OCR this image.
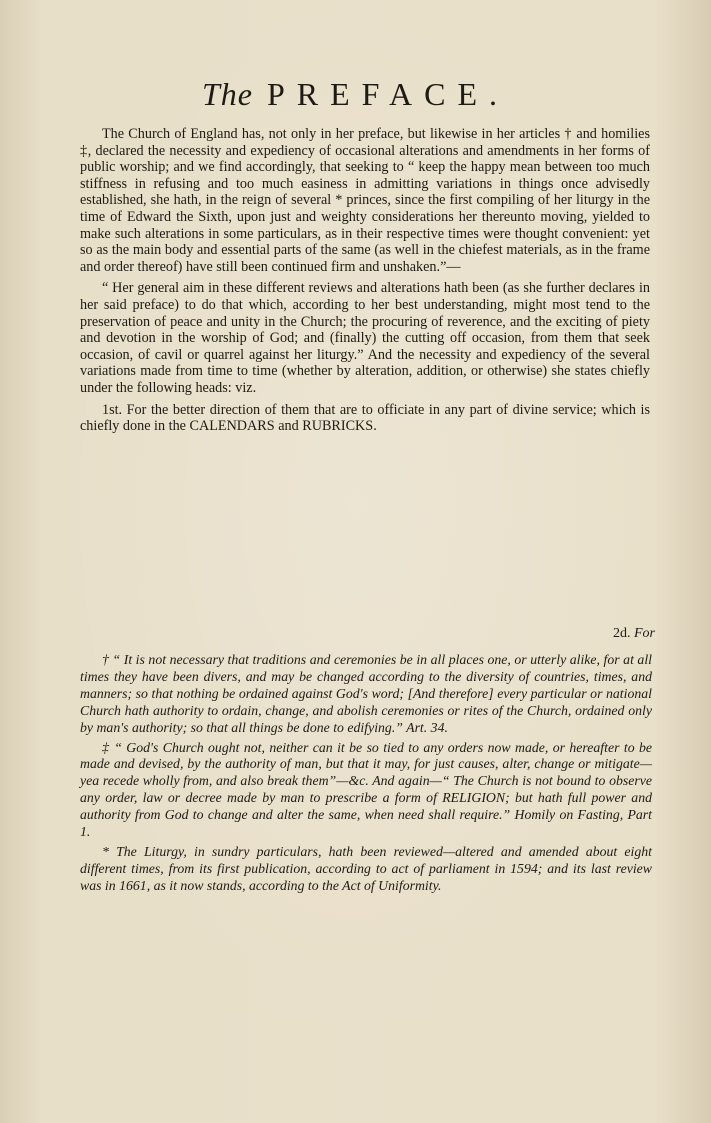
The PREFACE.

The Church of England has, not only in her preface, but likewise in her articles † and homilies ‡, declared the necessity and expediency of occasional alterations and amendments in her forms of public worship; and we find accordingly, that seeking to “ keep the happy mean between too much stiffness in refusing and too much easiness in admitting variations in things once advisedly established, she hath, in the reign of several * princes, since the first compiling of her liturgy in the time of Edward the Sixth, upon just and weighty considerations her thereunto moving, yielded to make such alterations in some particulars, as in their respective times were thought convenient: yet so as the main body and essential parts of the same (as well in the chiefest materials, as in the frame and order thereof) have still been continued firm and unshaken.”—

“ Her general aim in these different reviews and alterations hath been (as she further declares in her said preface) to do that which, according to her best understanding, might most tend to the preservation of peace and unity in the Church; the procuring of reverence, and the exciting of piety and devotion in the worship of God; and (finally) the cutting off occasion, from them that seek occasion, of cavil or quarrel against her liturgy.” And the necessity and expediency of the several variations made from time to time (whether by alteration, addition, or otherwise) she states chiefly under the following heads: viz.

1st. For the better direction of them that are to officiate in any part of divine service; which is chiefly done in the CALENDARS and RUBRICKS.

2d. For

† “ It is not necessary that traditions and ceremonies be in all places one, or utterly alike, for at all times they have been divers, and may be changed according to the diversity of countries, times, and manners; so that nothing be ordained against God's word; [And therefore] every particular or national Church hath authority to ordain, change, and abolish ceremonies or rites of the Church, ordained only by man's authority; so that all things be done to edifying.” Art. 34.

‡ “ God's Church ought not, neither can it be so tied to any orders now made, or hereafter to be made and devised, by the authority of man, but that it may, for just causes, alter, change or mitigate—yea recede wholly from, and also break them”—&c. And again—“ The Church is not bound to observe any order, law or decree made by man to prescribe a form of RELIGION; but hath full power and authority from God to change and alter the same, when need shall require.” Homily on Fasting, Part 1.

* The Liturgy, in sundry particulars, hath been reviewed—altered and amended about eight different times, from its first publication, according to act of parliament in 1594; and its last review was in 1661, as it now stands, according to the Act of Uniformity.
